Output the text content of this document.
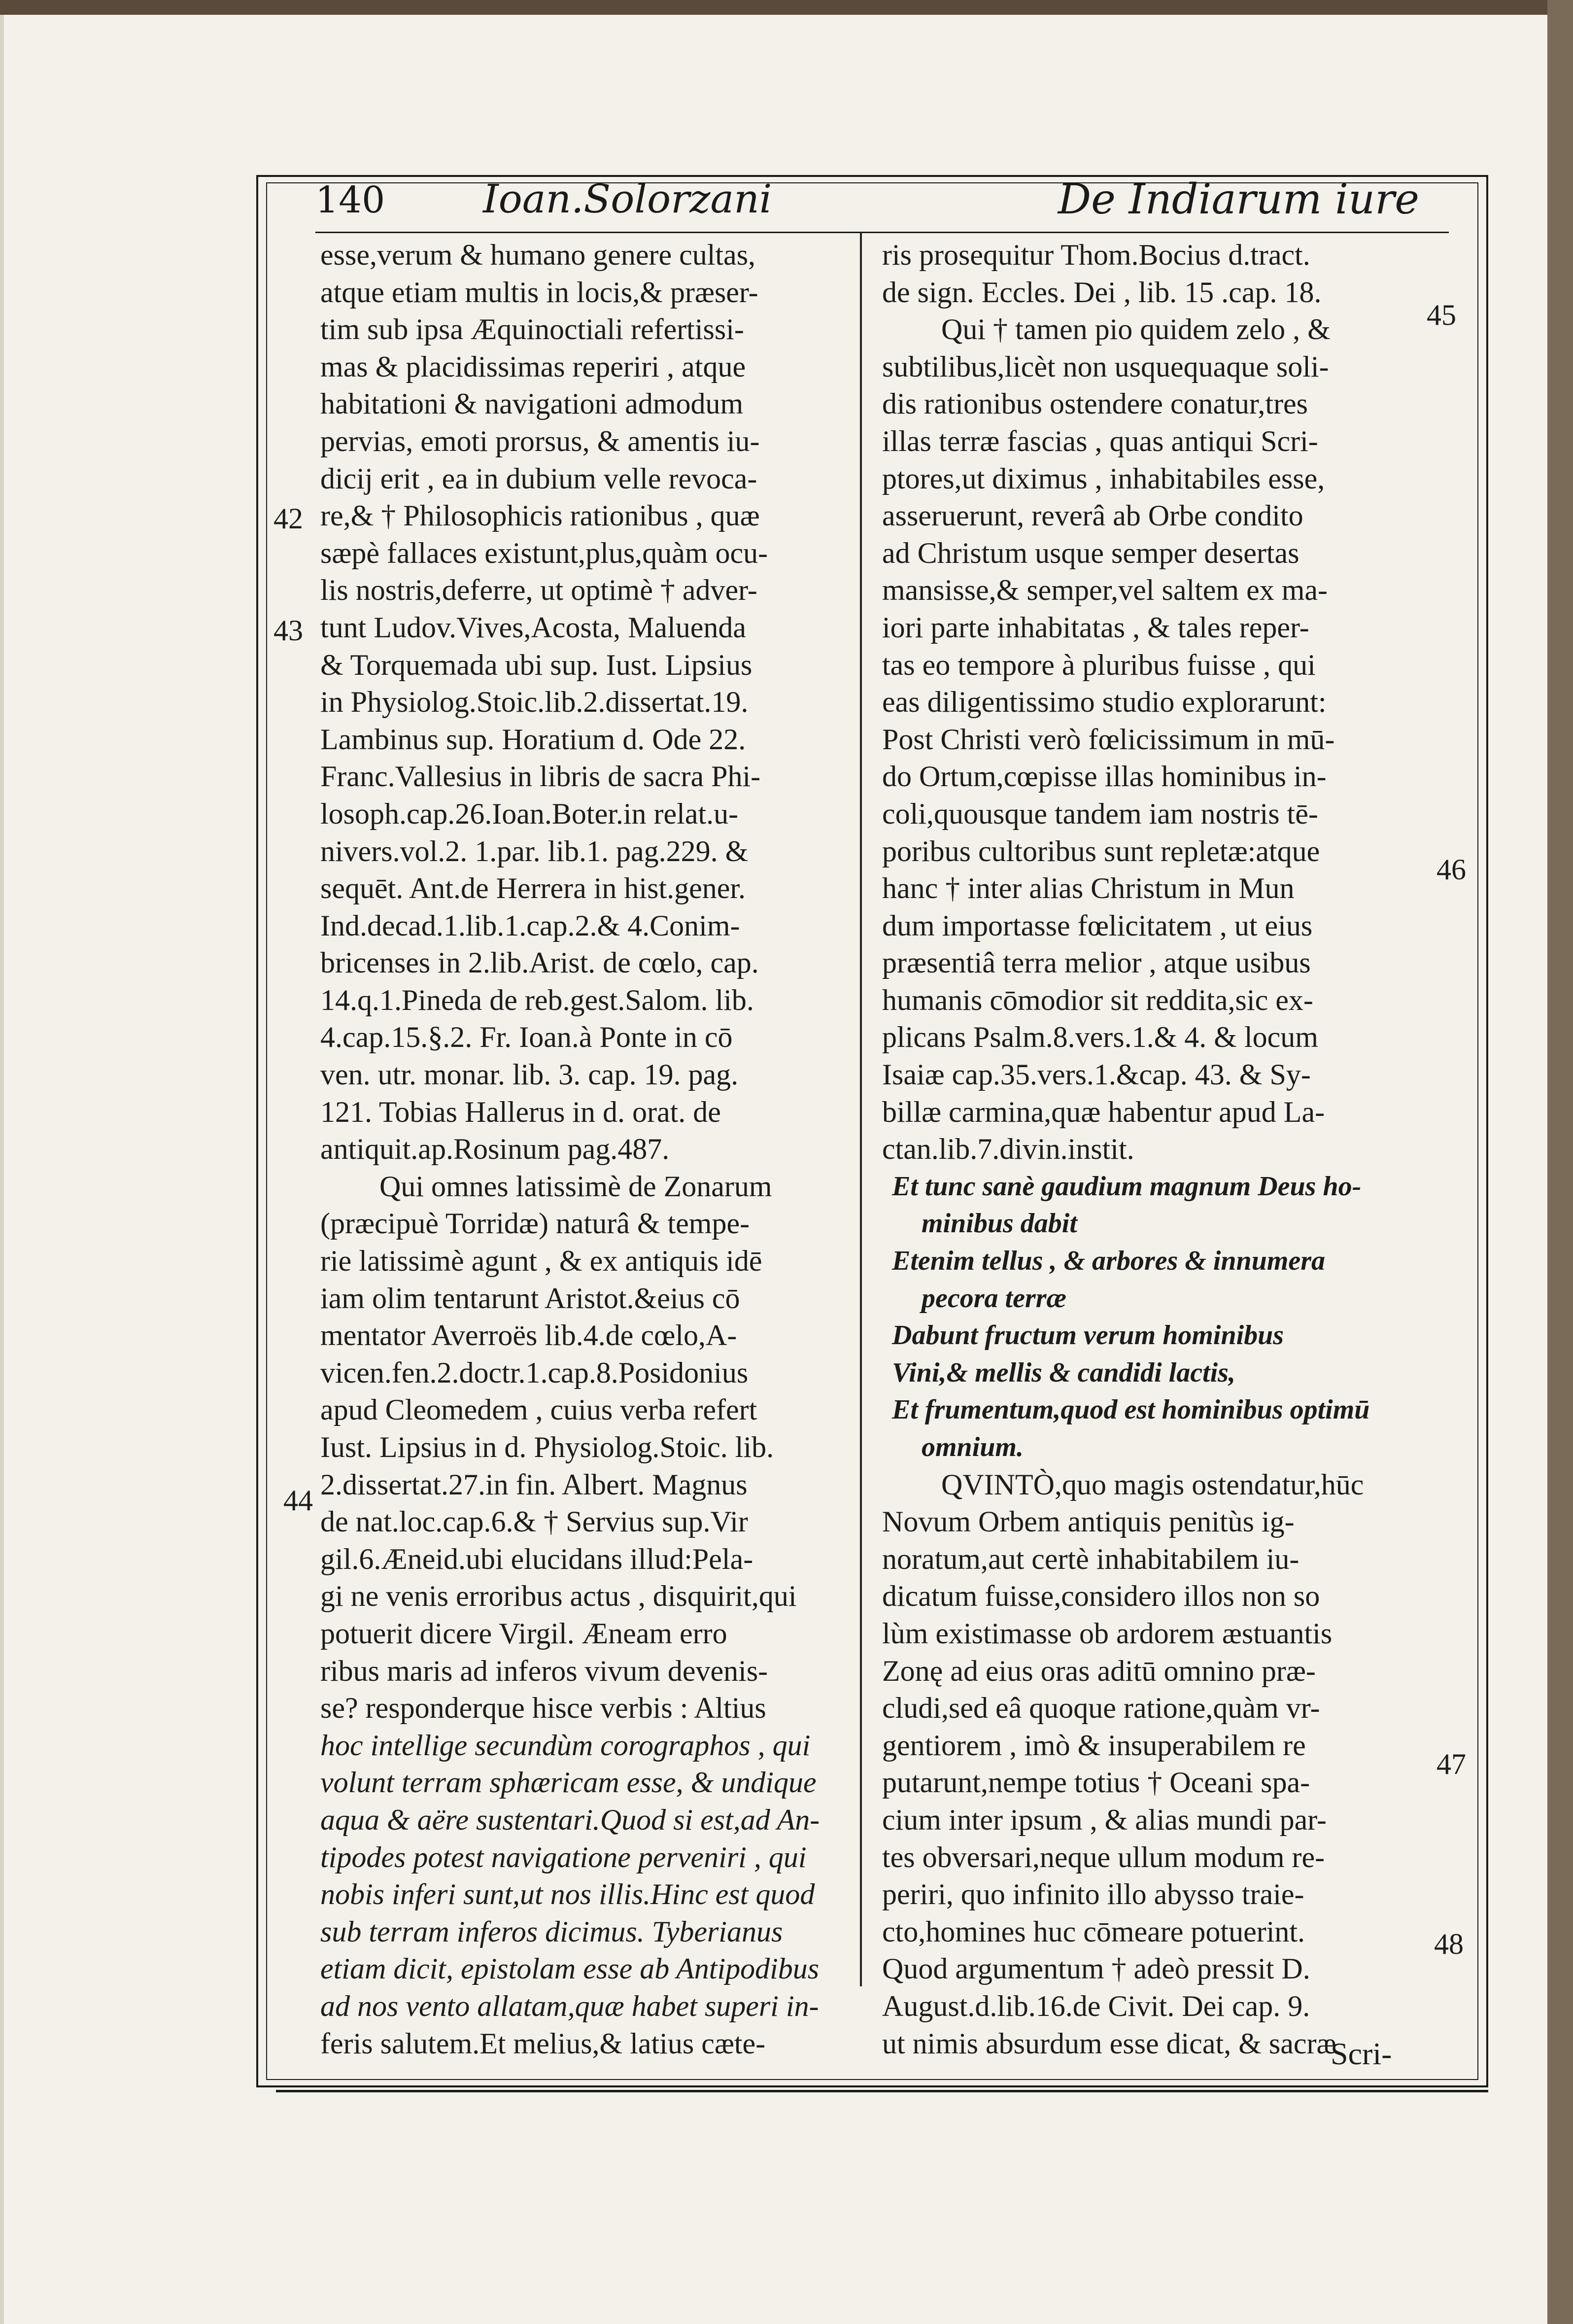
140 Ioan.Solorzani	De Indiarum iure
esse,verum & humano genere cultas,
atque etiam multis in locis,& præser-
tim sub ipsa Æquinoctiali refertissi-
mas & placidissimas reperiri , atque
habitationi & navigationi admodum
pervias, emoti prorsus, & amentis iu-
dicij erit , ea in dubium velle revoca-
re,& † Philosophicis rationibus , quæ
sæpè fallaces existunt,plus,quàm ocu-
lis nostris,deferre, ut optimè † adver-
tunt Ludov.Vives,Acosta, Maluenda
& Torquemada ubi sup. Iust. Lipsius
in Physiolog.Stoic.lib.2.dissertat.19.
Lambinus sup. Horatium d. Ode 22.
Franc.Vallesius in libris de sacra Phi-
losoph.cap.26.Ioan.Boter.in relat.u-
nivers.vol.2. 1.par. lib.1. pag.229. &
sequēt. Ant.de Herrera in hist.gener.
Ind.decad.1.lib.1.cap.2.& 4.Conim-
bricenses in 2.lib.Arist. de cœlo, cap.
14.q.1.Pineda de reb.gest.Salom. lib.
4.cap.15.§.2. Fr. Ioan.à Ponte in cō
ven. utr. monar. lib. 3. cap. 19. pag.
121. Tobias Hallerus in d. orat. de
antiquit.ap.Rosinum pag.487.
Qui omnes latissimè de Zonarum
(præcipuè Torridæ) naturâ & tempe-
rie latissimè agunt , & ex antiquis idē
iam olim tentarunt Aristot.&eius cō
mentator Averroës lib.4.de cœlo,A-
vicen.fen.2.doctr.1.cap.8.Posidonius
apud Cleomedem , cuius verba refert
Iust. Lipsius in d. Physiolog.Stoic. lib.
2.dissertat.27.in fin. Albert. Magnus
de nat.loc.cap.6.& † Servius sup.Vir
gil.6.Æneid.ubi elucidans illud:Pela-
gi ne venis erroribus actus , disquirit,qui
potuerit dicere Virgil. Æneam erro
ribus maris ad inferos vivum devenis-
se? responderque hisce verbis : Altius
hoc intellige secundùm corographos , qui
volunt terram sphæricam esse, & undique
aqua & aëre sustentari.Quod si est,ad An-
tipodes potest navigatione perveniri , qui
nobis inferi sunt,ut nos illis.Hinc est quod
sub terram inferos dicimus. Tyberianus
etiam dicit, epistolam esse ab Antipodibus
ad nos vento allatam,quæ habet superi in-
feris salutem.Et melius,& latius cæte-
ris prosequitur Thom.Bocius d.tract.
de sign. Eccles. Dei , lib. 15 .cap. 18.
Qui † tamen pio quidem zelo , &
subtilibus,licèt non usquequaque soli-
dis rationibus ostendere conatur,tres
illas terræ fascias , quas antiqui Scri-
ptores,ut diximus , inhabitabiles esse,
asseruerunt, reverâ ab Orbe condito
ad Christum usque semper desertas
mansisse,& semper,vel saltem ex ma-
iori parte inhabitatas , & tales reper-
tas eo tempore à pluribus fuisse , qui
eas diligentissimo studio explorarunt:
Post Christi verò fœlicissimum in mū-
do Ortum,cœpisse illas hominibus in-
coli,quousque tandem iam nostris tē-
poribus cultoribus sunt repletæ:atque
hanc † inter alias Christum in Mun
dum importasse fœlicitatem , ut eius
præsentiâ terra melior , atque usibus
humanis cōmodior sit reddita,sic ex-
plicans Psalm.8.vers.1.& 4. & locum
Isaiæ cap.35.vers.1.&cap. 43. & Sy-
billæ carmina,quæ habentur apud La-
ctan.lib.7.divin.instit.
Et tunc sanè gaudium magnum Deus ho-
minibus dabit
Etenim tellus , & arbores & innumera
pecora terræ
Dabunt fructum verum hominibus
Vini,& mellis & candidi lactis,
Et frumentum,quod est hominibus optimū
omnium.
QVINTÒ,quo magis ostendatur,hūc
Novum Orbem antiquis penitùs ig-
noratum,aut certè inhabitabilem iu-
dicatum fuisse,considero illos non so
lùm existimasse ob ardorem æstuantis
Zonę ad eius oras aditū omnino præ-
cludi,sed eâ quoque ratione,quàm vr-
gentiorem , imò & insuperabilem re
putarunt,nempe totius † Oceani spa-
cium inter ipsum , & alias mundi par-
tes obversari,neque ullum modum re-
periri, quo infinito illo abysso traie-
cto,homines huc cōmeare potuerint.
Quod argumentum † adeò pressit D.
August.d.lib.16.de Civit. Dei cap. 9.
ut nimis absurdum esse dicat, & sacræ
42
43
44
45
46
47
48
Scri-
